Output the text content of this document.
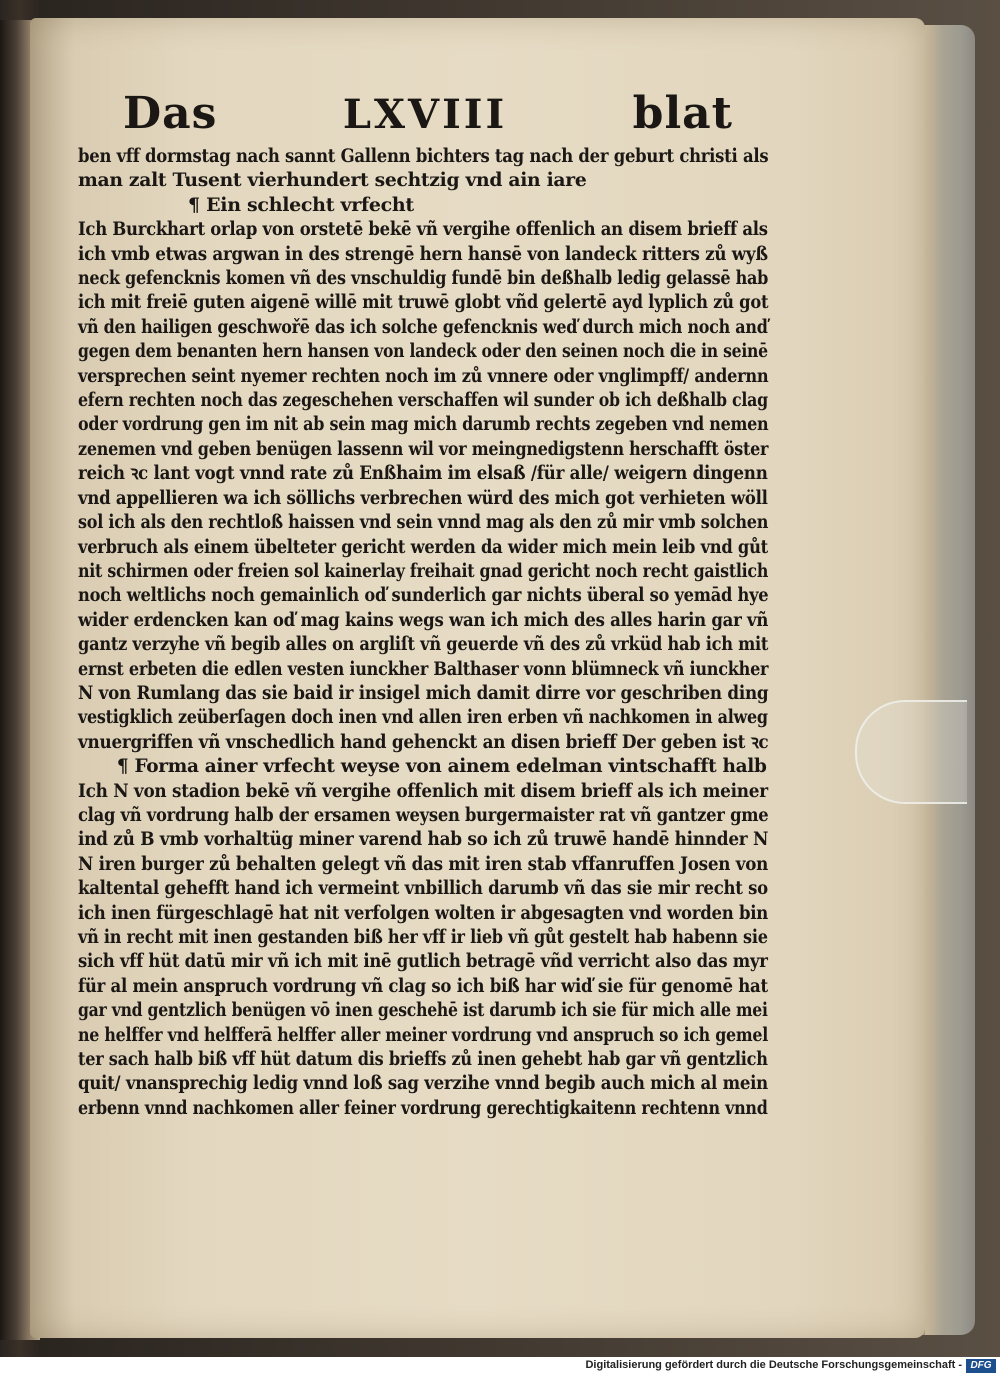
Das	LXVIII	blat
ben vff dormstag nach sannt Gallenn bichters tag nach der geburt christi als
man zalt Tusent vierhundert sechtzig vnd ain iare
¶ Ein schlecht vrfecht
Ich Burckhart orlap von orstetē bekē vñ vergihe offenlich an disem brieff als
ich vmb etwas argwan in des strengē hern hansē von landeck ritters zů wyß
neck gefencknis komen vñ des vnschuldig fundē bin deßhalb ledig gelassē hab
ich mit freiē guten aigenē willē mit truwē globt vñd gelertē ayd lyplich zů got
vñ den hailigen geschwořē das ich solche gefencknis weď durch mich noch anď
gegen dem benanten hern hansen von landeck oder den seinen noch die in seinē
versprechen seint nyemer rechten noch im zů vnnere oder vnglimpff/ andernn
efern rechten noch das zegeschehen verschaffen wil sunder ob ich deßhalb clag
oder vordrung gen im nit ab sein mag mich darumb rechts zegeben vnd nemen
zenemen vnd geben benügen lassenn wil vor meingnedigstenn herschafft öster
reich ꝛc lant vogt vnnd rate zů Enßhaim im elsaß /für alle/ weigern dingenn
vnd appellieren wa ich söllichs verbrechen würd des mich got verhieten wöll
sol ich als den rechtloß haissen vnd sein vnnd mag als den zů mir vmb solchen
verbruch als einem übelteter gericht werden da wider mich mein leib vnd gůt
nit schirmen oder freien sol kainerlay freihait gnad gericht noch recht gaistlich
noch weltlichs noch gemainlich oď sunderlich gar nichts überal so yemād hye
wider erdencken kan oď mag kains wegs wan ich mich des alles harin gar vñ
gantz verzyhe vñ begib alles on argliſt vñ geuerde vñ des zů vrküd hab ich mit
ernst erbeten die edlen vesten iunckher Balthaser vonn blümneck vñ iunckher
N von Rumlang das sie baid ir insigel mich damit dirre vor geschriben ding
vestigklich zeüberſagen doch inen vnd allen iren erben vñ nachkomen in alweg
vnuergriffen vñ vnschedlich hand gehenckt an disen brieff Der geben ist ꝛc
¶ Forma ainer vrfecht weyse von ainem edelman vintschafft halb
Ich N von stadion bekē vñ vergihe offenlich mit disem brieff als ich meiner
clag vñ vordrung halb der ersamen weysen burgermaister rat vñ gantzer gme
ind zů B vmb vorhaltüg miner varend hab so ich zů truwē handē hinnder N
N iren burger zů behalten gelegt vñ das mit iren stab vffanruffen Josen von
kaltental gehefft hand ich vermeint vnbillich darumb vñ das sie mir recht so
ich inen fürgeschlagē hat nit verfolgen wolten ir abgesagten vnd worden bin
vñ in recht mit inen gestanden biß her vff ir lieb vñ gůt gestelt hab habenn sie
sich vff hüt datū mir vñ ich mit inē gutlich betragē vñd verricht also das myr
für al mein anspruch vordrung vñ clag so ich biß har wiď sie für genomē hat
gar vnd gentzlich benügen vō inen geschehē ist darumb ich sie für mich alle mei
ne helffer vnd helfferā helffer aller meiner vordrung vnd anspruch so ich gemel
ter sach halb biß vff hüt datum dis brieffs zů inen gehebt hab gar vñ gentzlich
quit/ vnansprechig ledig vnnd loß sag verzihe vnnd begib auch mich al mein
erbenn vnnd nachkomen aller feiner vordrung gerechtigkaitenn rechtenn vnnd
Digitalisierung gefördert durch die Deutsche Forschungsgemeinschaft - DFG
